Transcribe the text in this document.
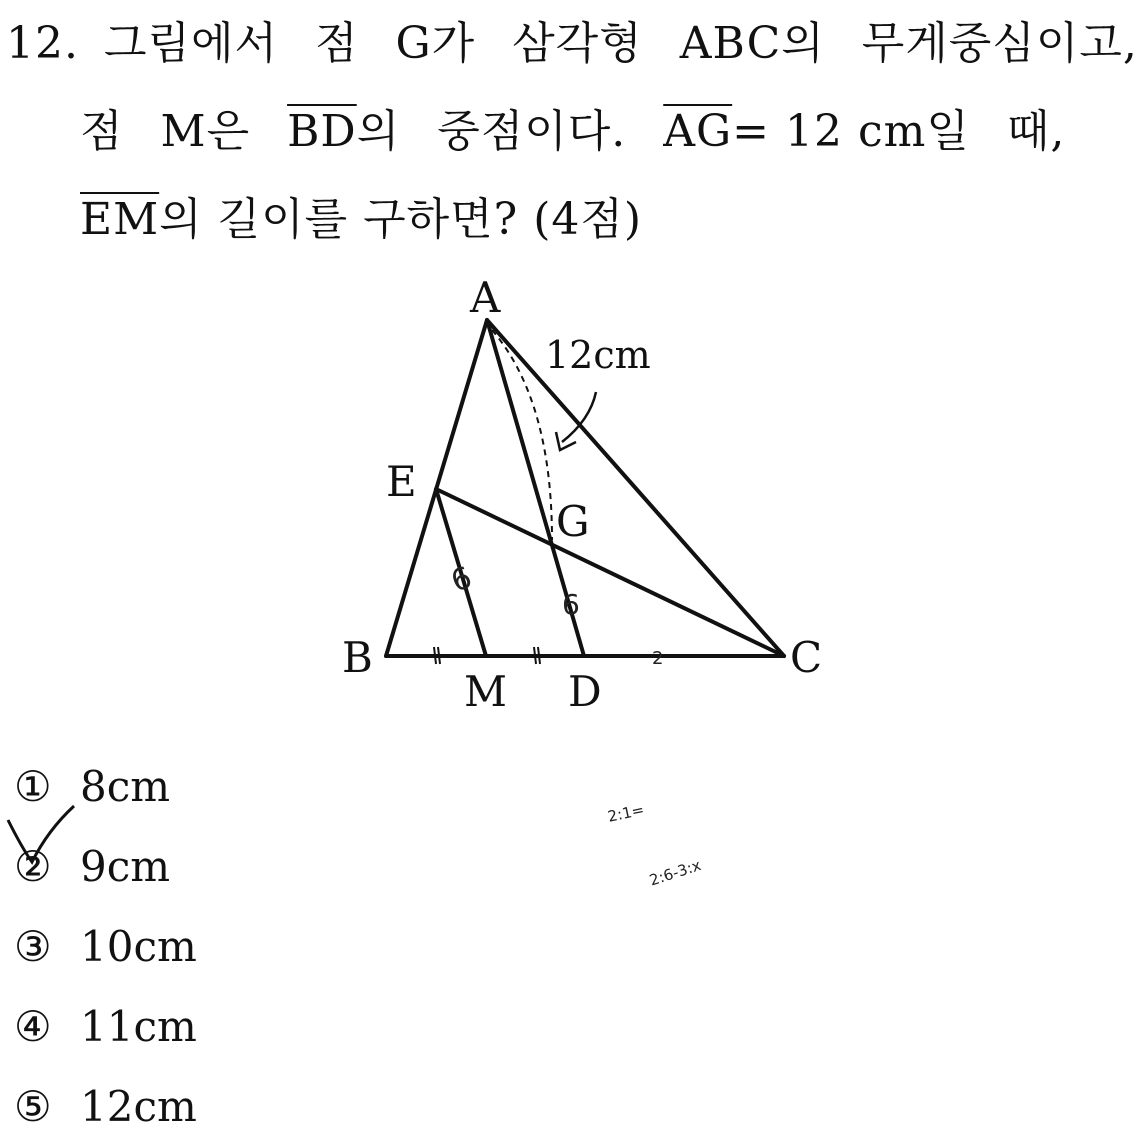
12. 그림에서 점 G가 삼각형 ABC의 무게중심이고,
점 M은 $\overline{BD}$의 중점이다. $\overline{AG}= 12$ cm일 때,
$\overline{EM}$의 길이를 구하면? (4점)
A
E
G
B	C
M D
12cm
6
6
2
① 8cm
② 9cm
③ 10cm
④ 11cm
⑤ 12cm
2:1=
2:6-3:x
